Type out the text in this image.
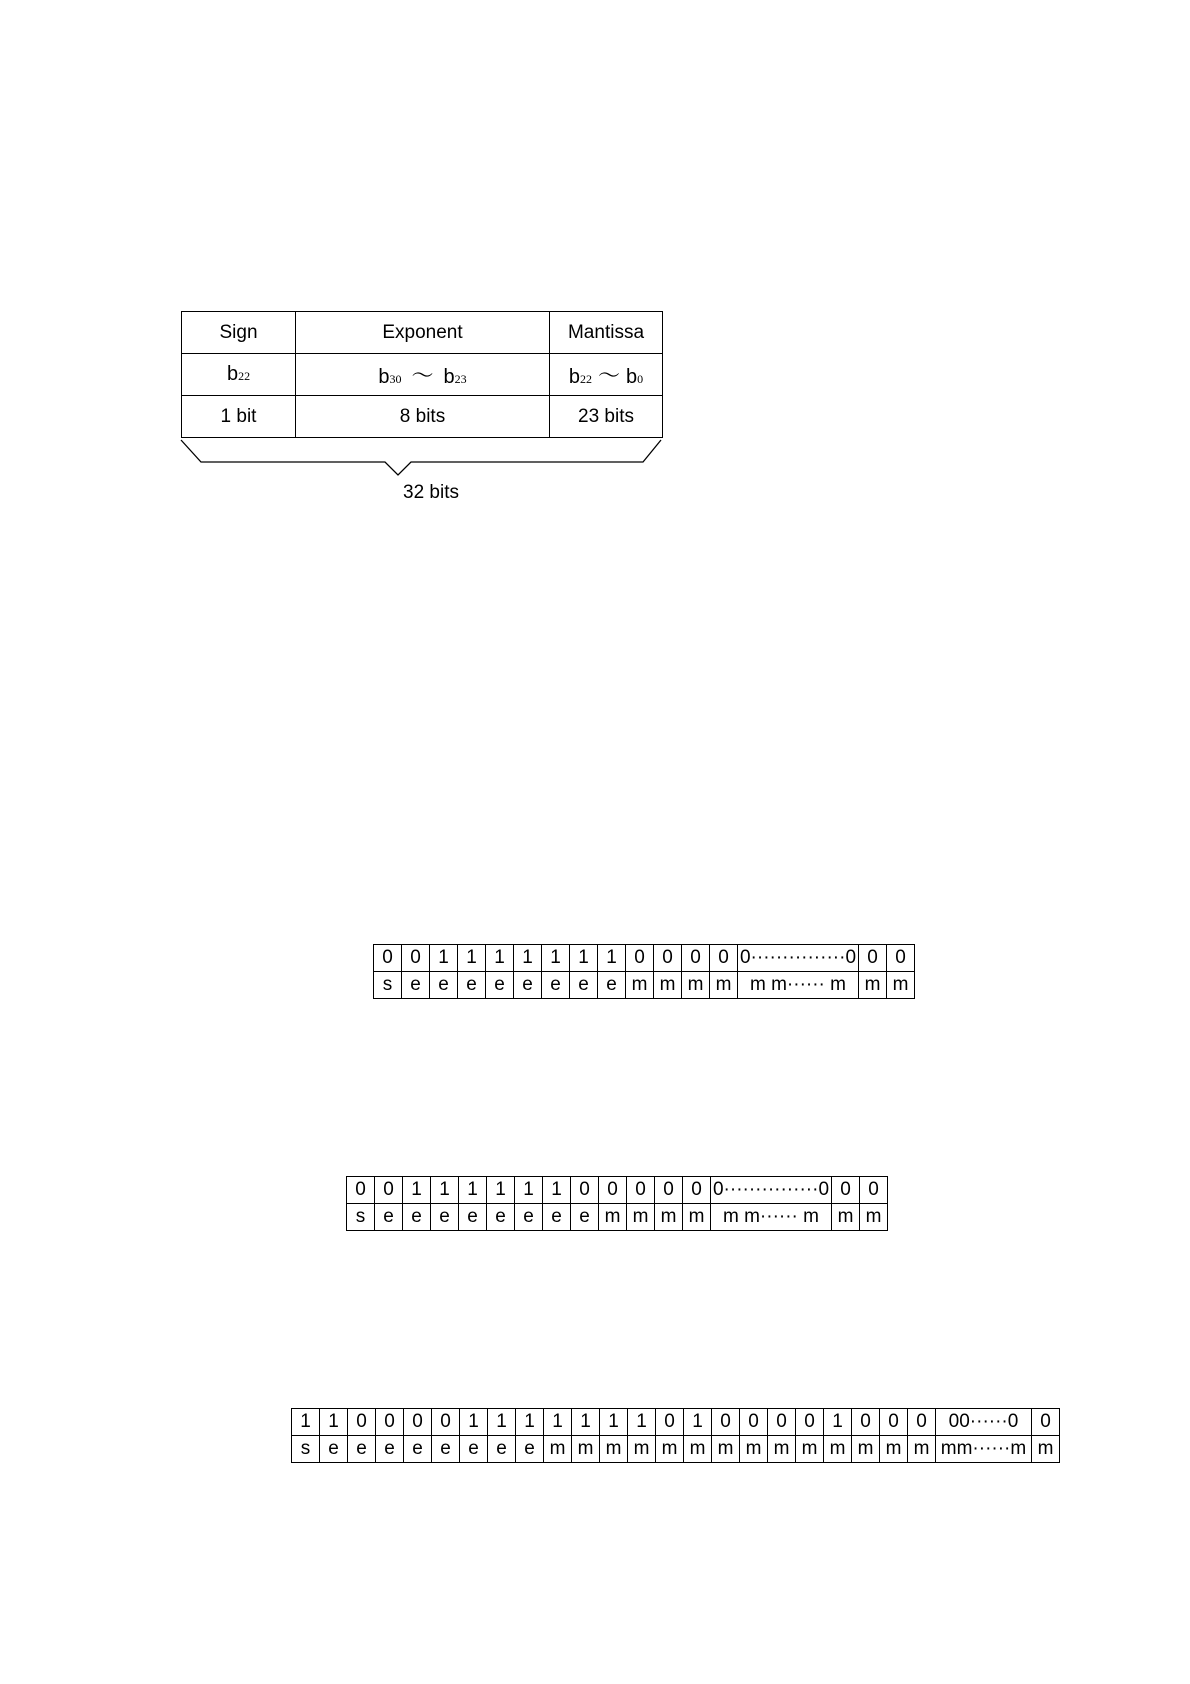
Sign	Exponent	Mantissa
b22	b30 ～ b23	b22 ～ b0
1 bit	8 bits	23 bits
32 bits
0	0	1	1	1	1	1	1	1	0	0	0	0	0···············0	0	0
s	e	e	e	e	e	e	e	e	m	m	m	m	m m······ m	m	m
0	0	1	1	1	1	1	1	0	0	0	0	0	0···············0	0	0
s	e	e	e	e	e	e	e	e	m	m	m	m	m m······ m	m	m
1	1	0	0	0	0	1	1	1	1	1	1	1	0	1	0	0	0	0	1	0	0	0	00······0	0
s	e	e	e	e	e	e	e	e	m	m	m	m	m	m	m	m	m	m	m	m	m	m	mm······m	m
